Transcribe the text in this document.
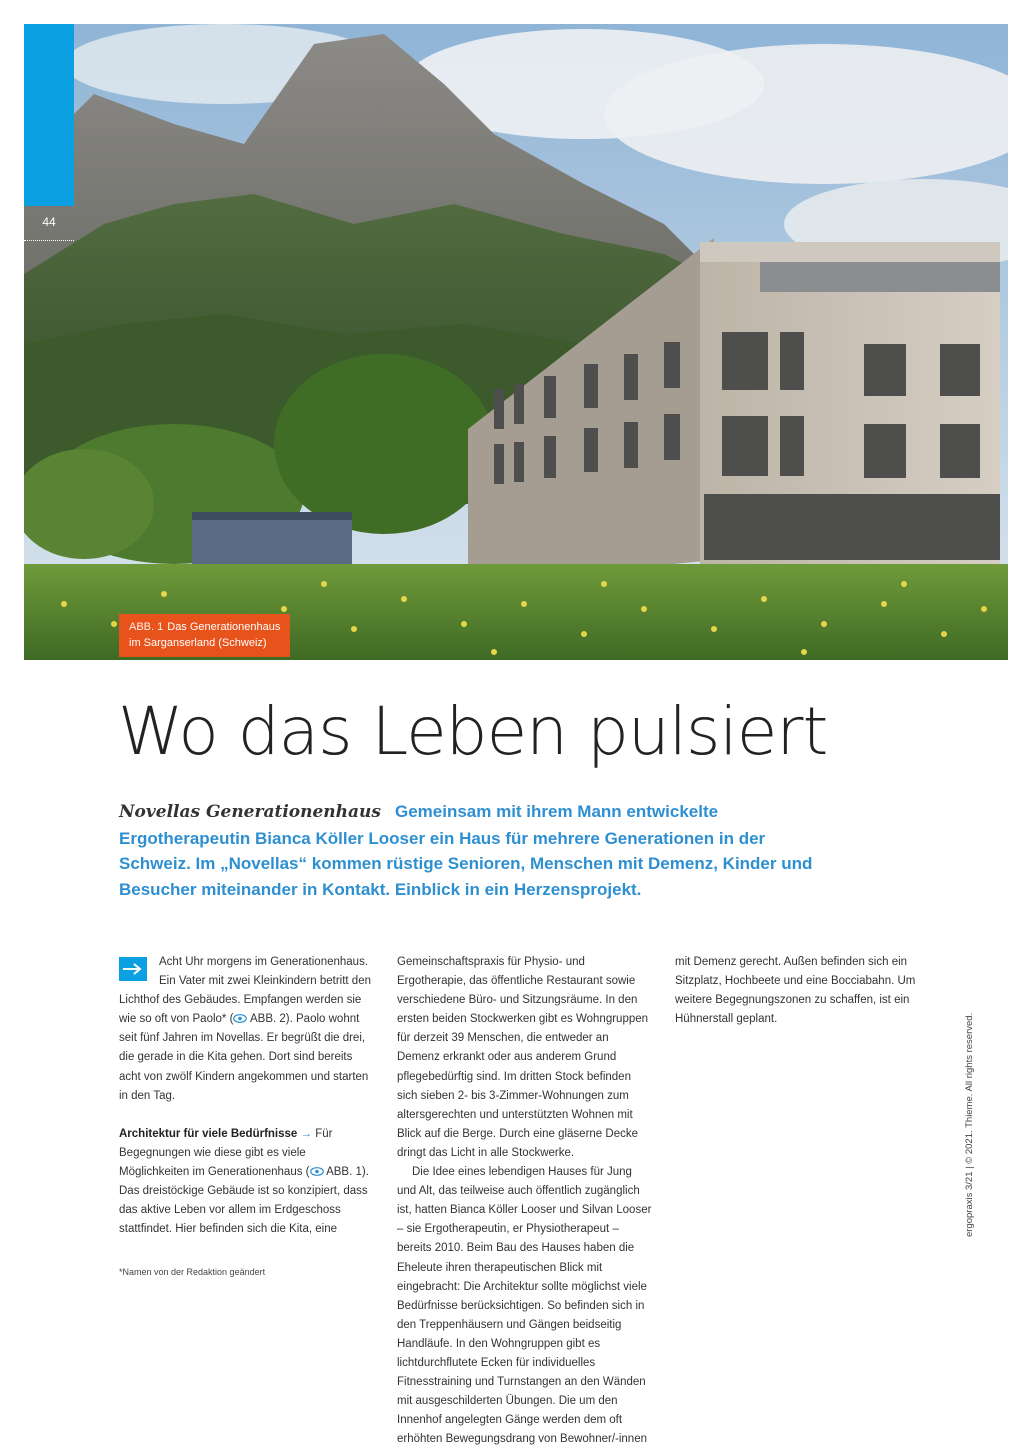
44
ABB. 1 Das Generationenhaus
im Sarganserland (Schweiz)
Wo das Leben pulsiert
Novellas Generationenhaus Gemeinsam mit ihrem Mann entwickelte Ergotherapeutin Bianca Köller Looser ein Haus für mehrere Generationen in der Schweiz. Im „Novellas“ kommen rüstige Senioren, Menschen mit Demenz, Kinder und Besucher miteinander in Kontakt. Einblick in ein Herzensprojekt.

Acht Uhr morgens im Generationenhaus. Ein Vater mit zwei Kleinkindern betritt den Lichthof des Gebäudes. Empfangen werden sie wie so oft von Paolo* ( ABB. 2). Paolo wohnt seit fünf Jahren im Novellas. Er begrüßt die drei, die gerade in die Kita gehen. Dort sind bereits acht von zwölf Kindern angekommen und starten in den Tag.

Architektur für viele Bedürfnisse → Für Begegnungen wie diese gibt es viele Möglichkeiten im Generationenhaus ( ABB. 1). Das dreistöckige Gebäude ist so konzipiert, dass das aktive Leben vor allem im Erdgeschoss stattfindet. Hier befinden sich die Kita, eine

Gemeinschaftspraxis für Physio- und Ergotherapie, das öffentliche Restaurant sowie verschiedene Büro- und Sitzungsräume. In den ersten beiden Stockwerken gibt es Wohngruppen für derzeit 39 Menschen, die entweder an Demenz erkrankt oder aus anderem Grund pflegebedürftig sind. Im dritten Stock befinden sich sieben 2- bis 3-Zimmer-Wohnungen zum altersgerechten und unterstützten Wohnen mit Blick auf die Berge. Durch eine gläserne Decke dringt das Licht in alle Stockwerke.

Die Idee eines lebendigen Hauses für Jung und Alt, das teilweise auch öffentlich zugänglich ist, hatten Bianca Köller Looser und Silvan Looser – sie Ergotherapeutin, er Physiotherapeut – bereits 2010. Beim Bau des Hauses haben die Eheleute ihren therapeutischen Blick mit eingebracht: Die Architektur sollte möglichst viele Bedürfnisse berücksichtigen. So befinden sich in den Treppenhäusern und Gängen beidseitig Handläufe. In den Wohngruppen gibt es lichtdurchflutete Ecken für individuelles Fitnesstraining und Turnstangen an den Wänden mit ausgeschilderten Übungen. Die um den Innenhof angelegten Gänge werden dem oft erhöhten Bewegungsdrang von Bewohner/-innen

mit Demenz gerecht. Außen befinden sich ein Sitzplatz, Hochbeete und eine Bocciabahn. Um weitere Begegnungszonen zu schaffen, ist ein Hühnerstall geplant.

*Namen von der Redaktion geändert
ergopraxis 3/21 | © 2021. Thieme. All rights reserved.
